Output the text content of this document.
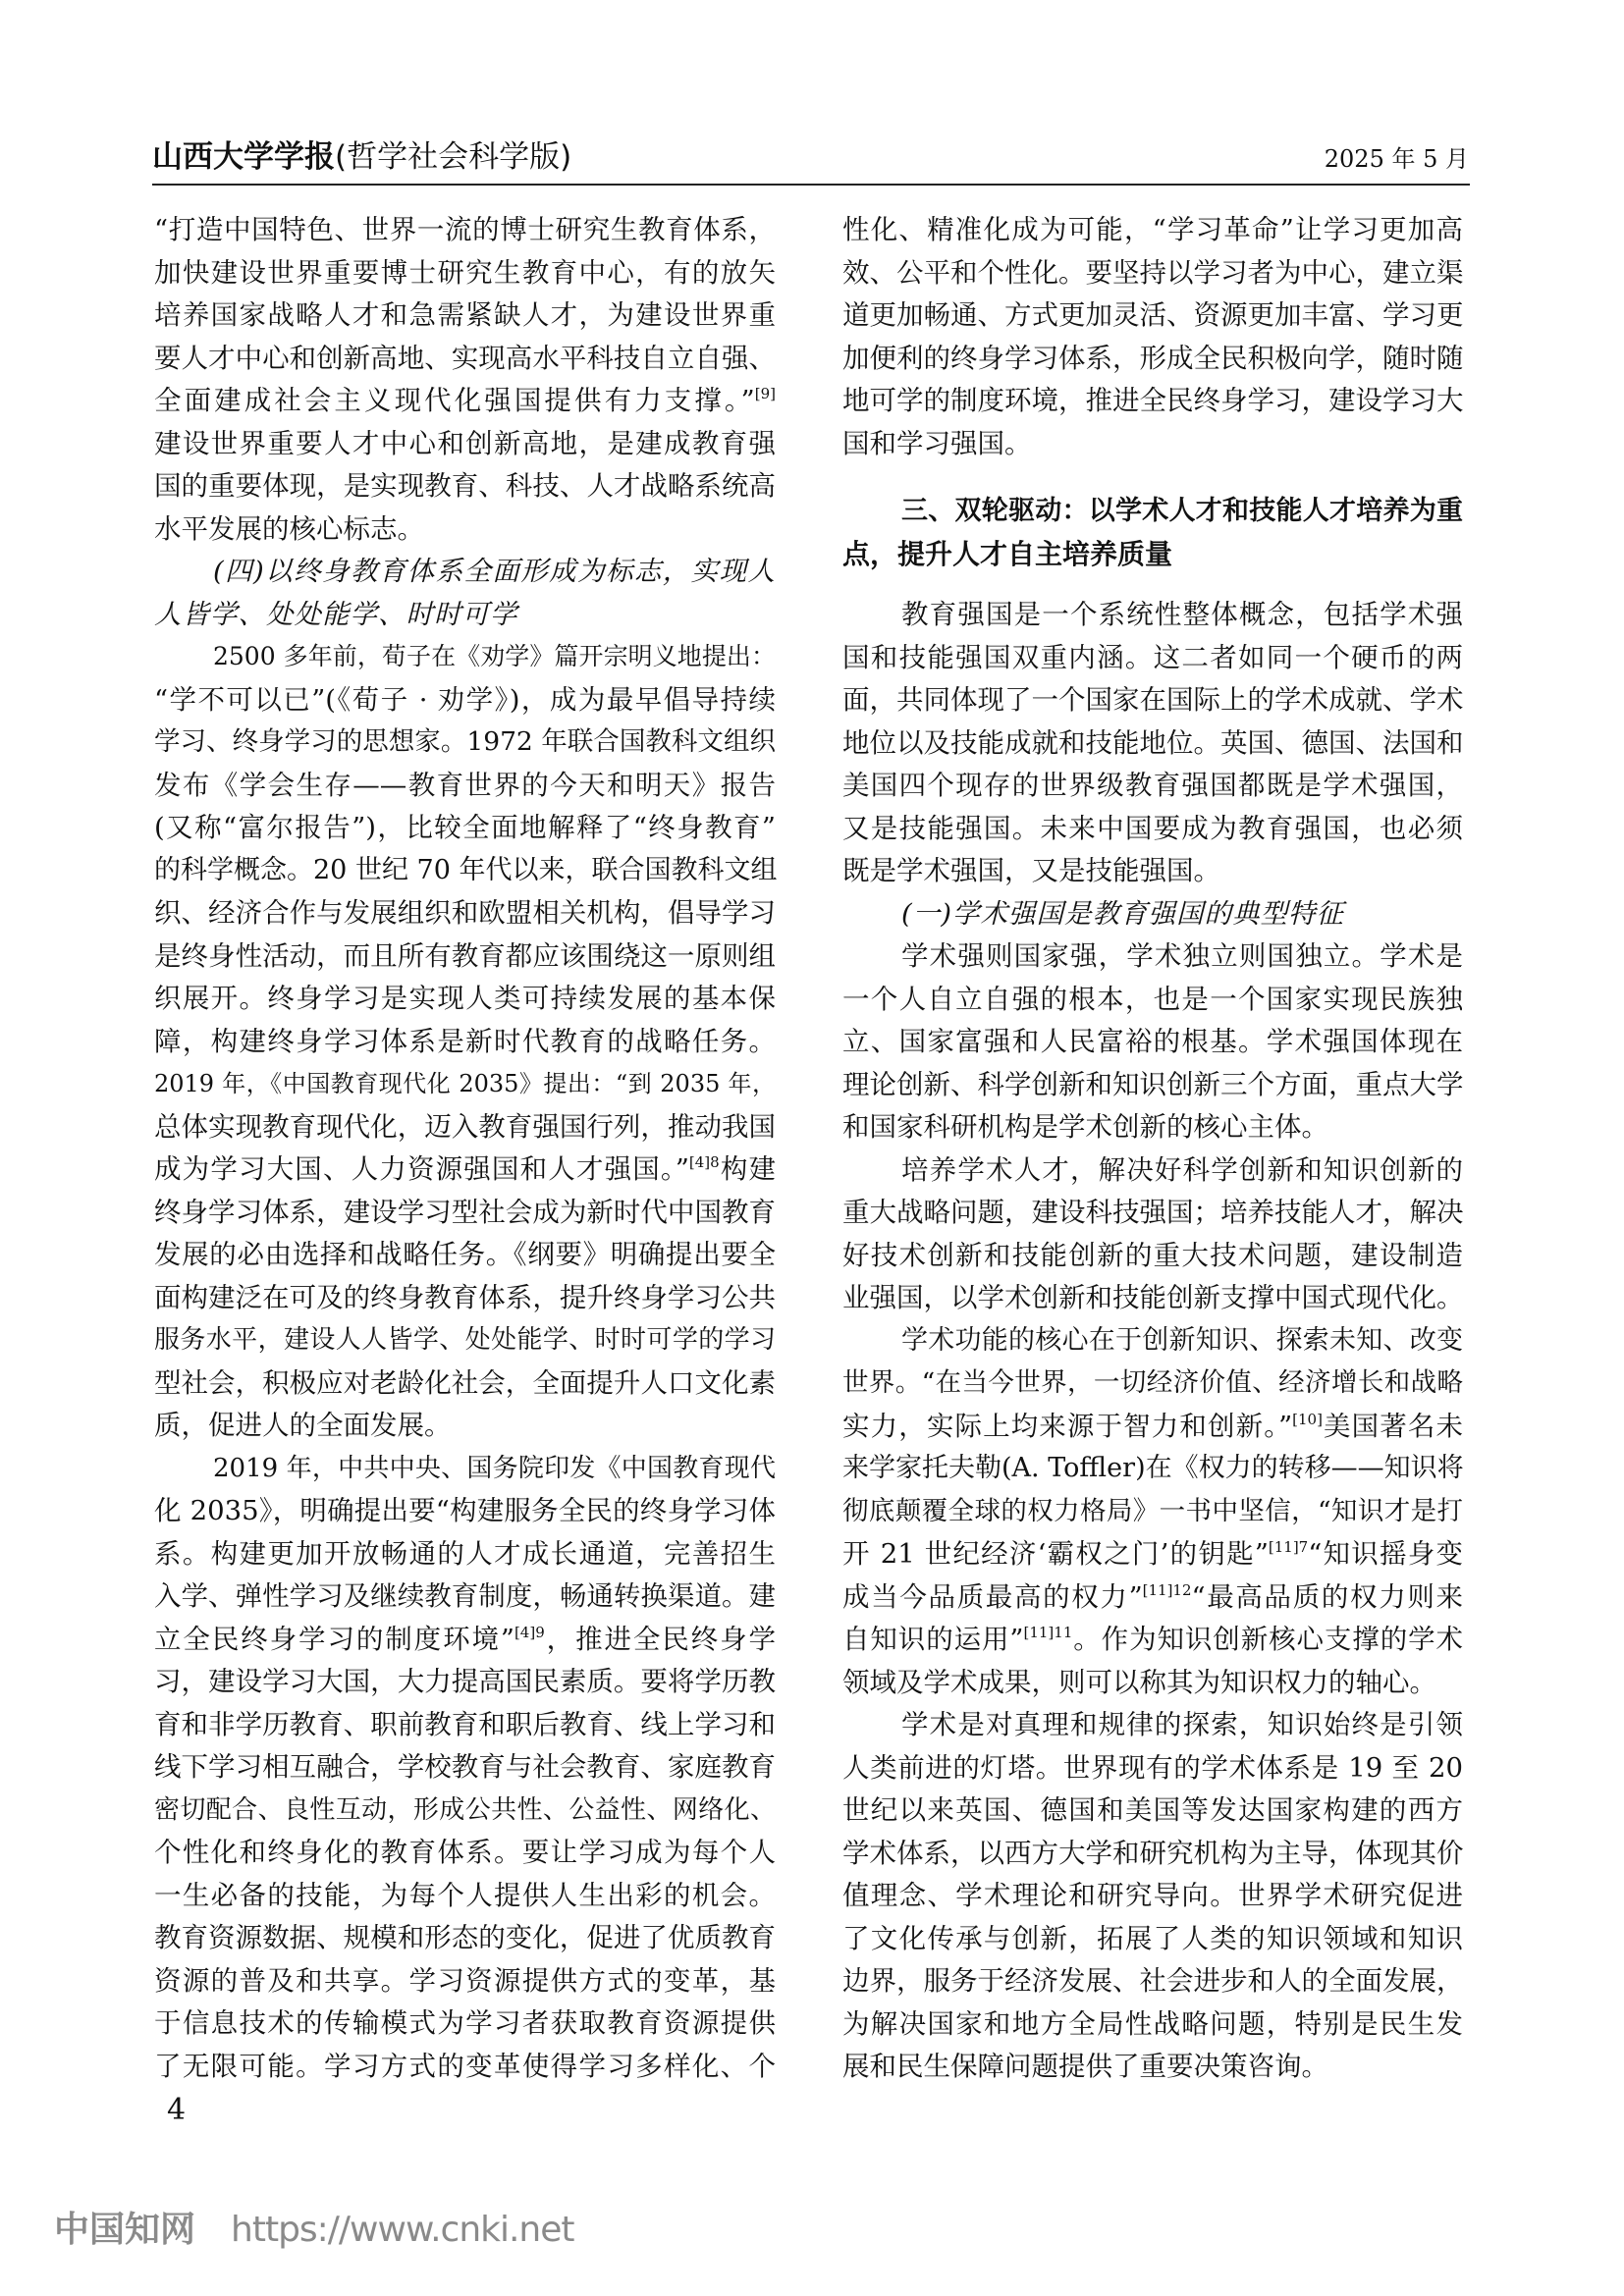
山西大学学报(哲学社会科学版)	2025 年 5 月
“打造中国特色、世界一流的博士研究生教育体系，
加快建设世界重要博士研究生教育中心，有的放矢
培养国家战略人才和急需紧缺人才，为建设世界重
要人才中心和创新高地、实现高水平科技自立自强、
全面建成社会主义现代化强国提供有力支撑。”[9]
建设世界重要人才中心和创新高地，是建成教育强
国的重要体现，是实现教育、科技、人才战略系统高
水平发展的核心标志。
(四)以终身教育体系全面形成为标志，实现人
人皆学、处处能学、时时可学
2500 多年前，荀子在《劝学》篇开宗明义地提出：
“学不可以已”(《荀子 · 劝学》)，成为最早倡导持续
学习、终身学习的思想家。1972 年联合国教科文组织
发布《学会生存——教育世界的今天和明天》报告
(又称“富尔报告”)，比较全面地解释了“终身教育”
的科学概念。20 世纪 70 年代以来，联合国教科文组
织、经济合作与发展组织和欧盟相关机构，倡导学习
是终身性活动，而且所有教育都应该围绕这一原则组
织展开。终身学习是实现人类可持续发展的基本保
障，构建终身学习体系是新时代教育的战略任务。
2019 年，《中国教育现代化 2035》提出：“到 2035 年，
总体实现教育现代化，迈入教育强国行列，推动我国
成为学习大国、人力资源强国和人才强国。”$^{[4]8}$构建
终身学习体系，建设学习型社会成为新时代中国教育
发展的必由选择和战略任务。《纲要》明确提出要全
面构建泛在可及的终身教育体系，提升终身学习公共
服务水平，建设人人皆学、处处能学、时时可学的学习
型社会，积极应对老龄化社会，全面提升人口文化素
质，促进人的全面发展。
2019 年，中共中央、国务院印发《中国教育现代
化 2035》，明确提出要“构建服务全民的终身学习体
系。构建更加开放畅通的人才成长通道，完善招生
入学、弹性学习及继续教育制度，畅通转换渠道。建
立全民终身学习的制度环境”$^{[4]9}$，推进全民终身学
习，建设学习大国，大力提高国民素质。要将学历教
育和非学历教育、职前教育和职后教育、线上学习和
线下学习相互融合，学校教育与社会教育、家庭教育
密切配合、良性互动，形成公共性、公益性、网络化、
个性化和终身化的教育体系。要让学习成为每个人
一生必备的技能，为每个人提供人生出彩的机会。
教育资源数据、规模和形态的变化，促进了优质教育
资源的普及和共享。学习资源提供方式的变革，基
于信息技术的传输模式为学习者获取教育资源提供
了无限可能。学习方式的变革使得学习多样化、个
性化、精准化成为可能，“学习革命”让学习更加高
效、公平和个性化。要坚持以学习者为中心，建立渠
道更加畅通、方式更加灵活、资源更加丰富、学习更
加便利的终身学习体系，形成全民积极向学，随时随
地可学的制度环境，推进全民终身学习，建设学习大
国和学习强国。
三、双轮驱动：以学术人才和技能人才培养为重
点，提升人才自主培养质量
教育强国是一个系统性整体概念，包括学术强
国和技能强国双重内涵。这二者如同一个硬币的两
面，共同体现了一个国家在国际上的学术成就、学术
地位以及技能成就和技能地位。英国、德国、法国和
美国四个现存的世界级教育强国都既是学术强国，
又是技能强国。未来中国要成为教育强国，也必须
既是学术强国，又是技能强国。
(一)学术强国是教育强国的典型特征
学术强则国家强，学术独立则国独立。学术是
一个人自立自强的根本，也是一个国家实现民族独
立、国家富强和人民富裕的根基。学术强国体现在
理论创新、科学创新和知识创新三个方面，重点大学
和国家科研机构是学术创新的核心主体。
培养学术人才，解决好科学创新和知识创新的
重大战略问题，建设科技强国；培养技能人才，解决
好技术创新和技能创新的重大技术问题，建设制造
业强国，以学术创新和技能创新支撑中国式现代化。
学术功能的核心在于创新知识、探索未知、改变
世界。“在当今世界，一切经济价值、经济增长和战略
实力，实际上均来源于智力和创新。”[10]美国著名未
来学家托夫勒(A. Toffler)在《权力的转移——知识将
彻底颠覆全球的权力格局》一书中坚信，“知识才是打
开 21 世纪经济‘霸权之门’的钥匙”$^{[11]7}$“知识摇身变
成当今品质最高的权力”$^{[11]12}$“最高品质的权力则来
自知识的运用”$^{[11]11}$。作为知识创新核心支撑的学术
领域及学术成果，则可以称其为知识权力的轴心。
学术是对真理和规律的探索，知识始终是引领
人类前进的灯塔。世界现有的学术体系是 19 至 20
世纪以来英国、德国和美国等发达国家构建的西方
学术体系，以西方大学和研究机构为主导，体现其价
值理念、学术理论和研究导向。世界学术研究促进
了文化传承与创新，拓展了人类的知识领域和知识
边界，服务于经济发展、社会进步和人的全面发展，
为解决国家和地方全局性战略问题，特别是民生发
展和民生保障问题提供了重要决策咨询。
4
中国知网 https://www.cnki.net
